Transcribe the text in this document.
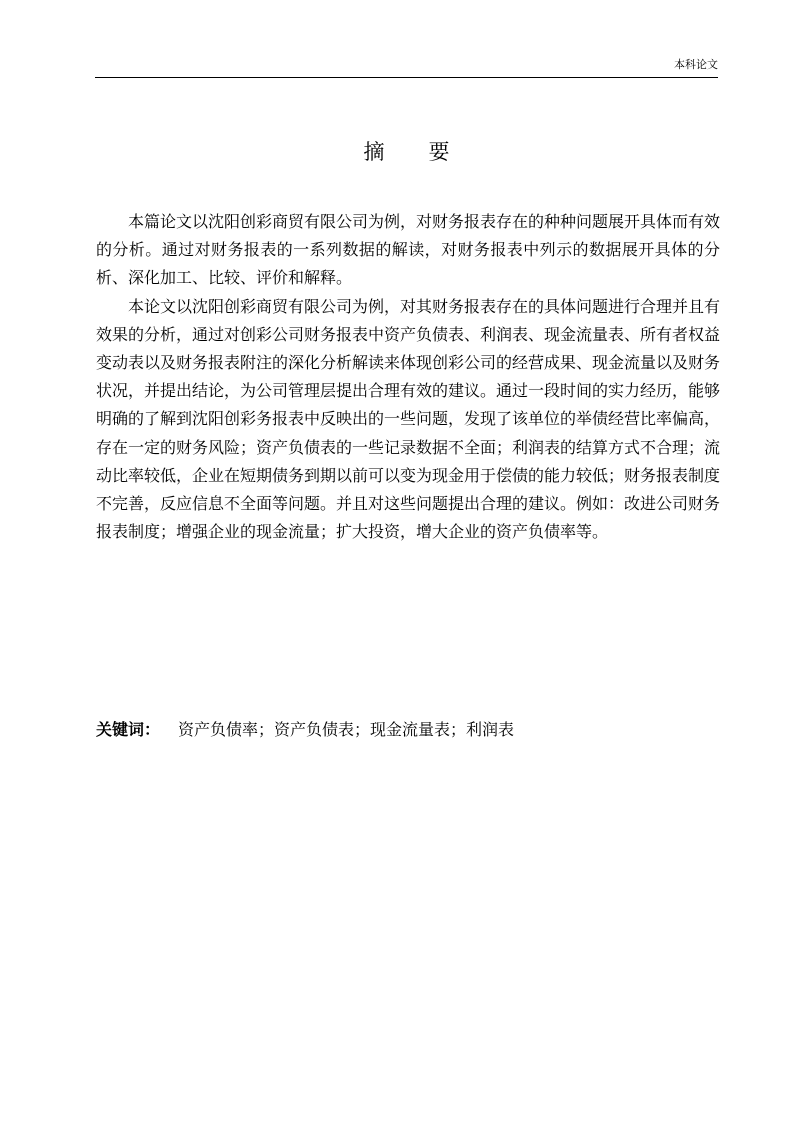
本科论文
摘 要

本篇论文以沈阳创彩商贸有限公司为例，对财务报表存在的种种问题展开具体而有效的分析。通过对财务报表的一系列数据的解读，对财务报表中列示的数据展开具体的分析、深化加工、比较、评价和解释。

本论文以沈阳创彩商贸有限公司为例，对其财务报表存在的具体问题进行合理并且有效果的分析，通过对创彩公司财务报表中资产负债表、利润表、现金流量表、所有者权益变动表以及财务报表附注的深化分析解读来体现创彩公司的经营成果、现金流量以及财务状况，并提出结论，为公司管理层提出合理有效的建议。通过一段时间的实力经历，能够明确的了解到沈阳创彩务报表中反映出的一些问题，发现了该单位的举债经营比率偏高，存在一定的财务风险；资产负债表的一些记录数据不全面；利润表的结算方式不合理；流动比率较低，企业在短期债务到期以前可以变为现金用于偿债的能力较低；财务报表制度不完善，反应信息不全面等问题。并且对这些问题提出合理的建议。例如：改进公司财务报表制度；增强企业的现金流量；扩大投资，增大企业的资产负债率等。

关键词： 资产负债率；资产负债表；现金流量表；利润表
